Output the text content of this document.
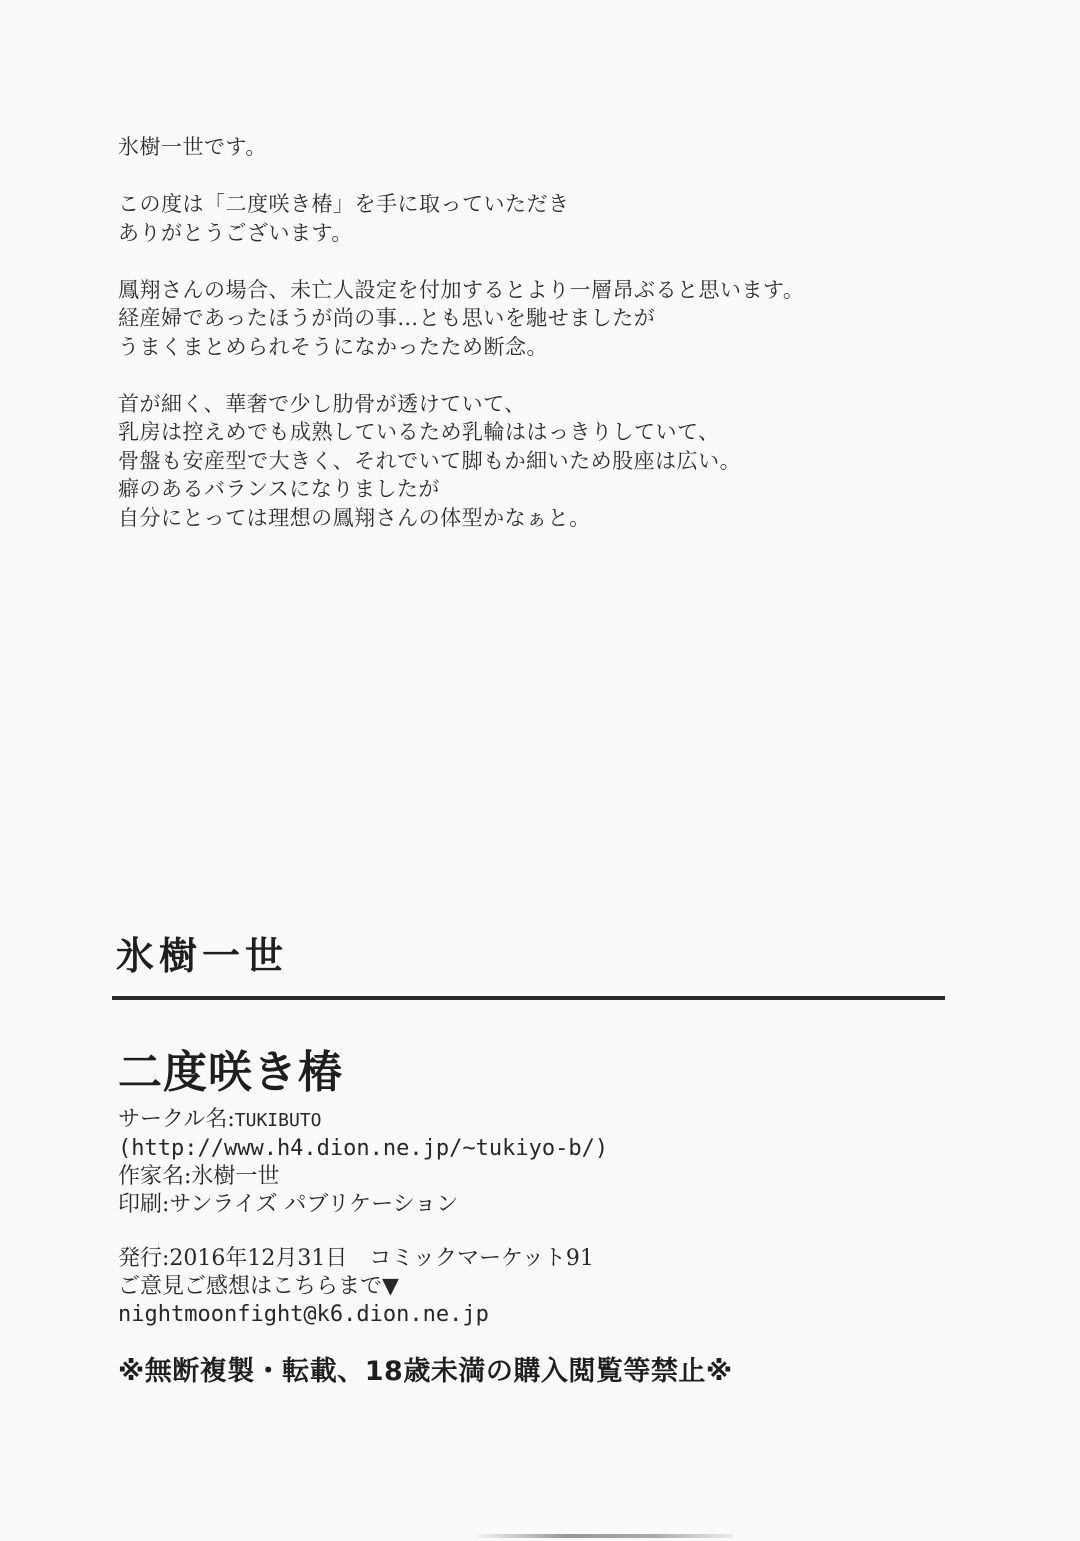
氷樹一世です。
この度は「二度咲き椿」を手に取っていただき
ありがとうございます。
鳳翔さんの場合、未亡人設定を付加するとより一層昂ぶると思います。
経産婦であったほうが尚の事…とも思いを馳せましたが
うまくまとめられそうになかったため断念。
首が細く、華奢で少し肋骨が透けていて、
乳房は控えめでも成熟しているため乳輪ははっきりしていて、
骨盤も安産型で大きく、それでいて脚もか細いため股座は広い。
癖のあるバランスになりましたが
自分にとっては理想の鳳翔さんの体型かなぁと。
氷樹一世
二度咲き椿
サークル名:TUKIBUTO
(http://www.h4.dion.ne.jp/~tukiyo-b/)
作家名:氷樹一世
印刷:サンライズ パブリケーション
発行:2016年12月31日　コミックマーケット91
ご意見ご感想はこちらまで▼
nightmoonfight@k6.dion.ne.jp
※無断複製・転載、18歳未満の購入閲覧等禁止※
